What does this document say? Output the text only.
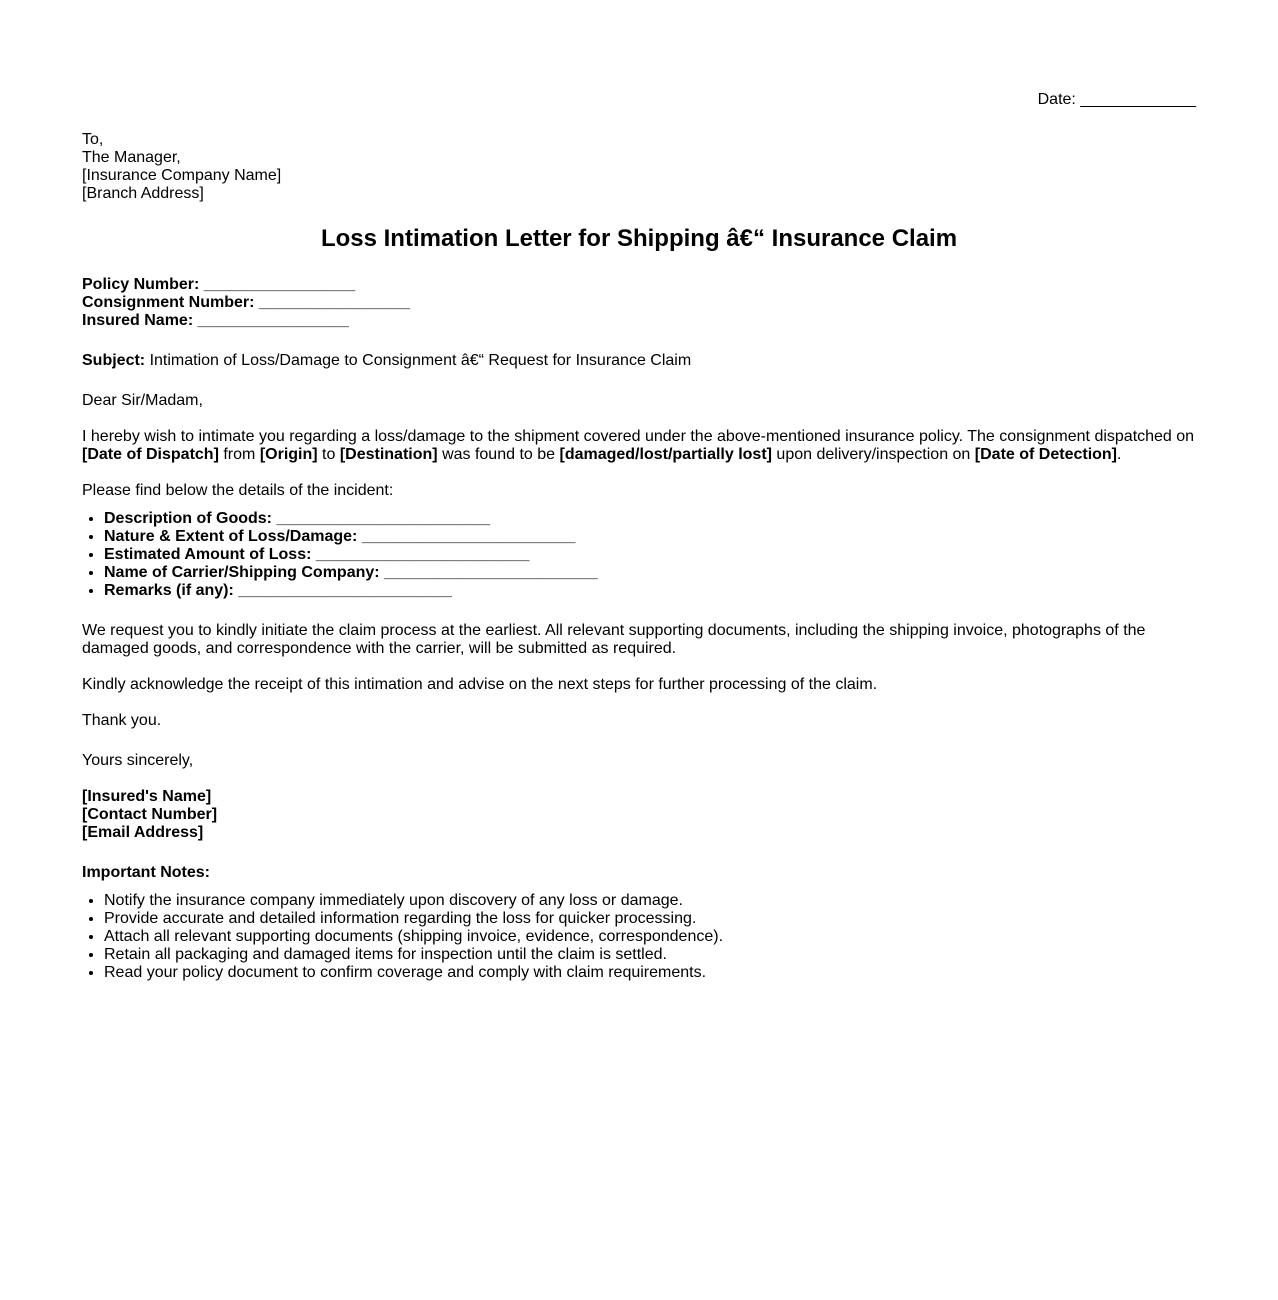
Date: _____________

To,
The Manager,
[Insurance Company Name]
[Branch Address]
Loss Intimation Letter for Shipping â€“ Insurance Claim
Policy Number: _________________
Consignment Number: _________________
Insured Name: _________________
Subject: Intimation of Loss/Damage to Consignment â€“ Request for Insurance Claim
Dear Sir/Madam,
I hereby wish to intimate you regarding a loss/damage to the shipment covered under the above-mentioned insurance policy. The consignment dispatched on [Date of Dispatch] from [Origin] to [Destination] was found to be [damaged/lost/partially lost] upon delivery/inspection on [Date of Detection].
Please find below the details of the incident:
• Description of Goods: ________________________
• Nature & Extent of Loss/Damage: ________________________
• Estimated Amount of Loss: ________________________
• Name of Carrier/Shipping Company: ________________________
• Remarks (if any): ________________________
We request you to kindly initiate the claim process at the earliest. All relevant supporting documents, including the shipping invoice, photographs of the damaged goods, and correspondence with the carrier, will be submitted as required.
Kindly acknowledge the receipt of this intimation and advise on the next steps for further processing of the claim.
Thank you.
Yours sincerely,
[Insured's Name]
[Contact Number]
[Email Address]
Important Notes:
• Notify the insurance company immediately upon discovery of any loss or damage.
• Provide accurate and detailed information regarding the loss for quicker processing.
• Attach all relevant supporting documents (shipping invoice, evidence, correspondence).
• Retain all packaging and damaged items for inspection until the claim is settled.
• Read your policy document to confirm coverage and comply with claim requirements.
